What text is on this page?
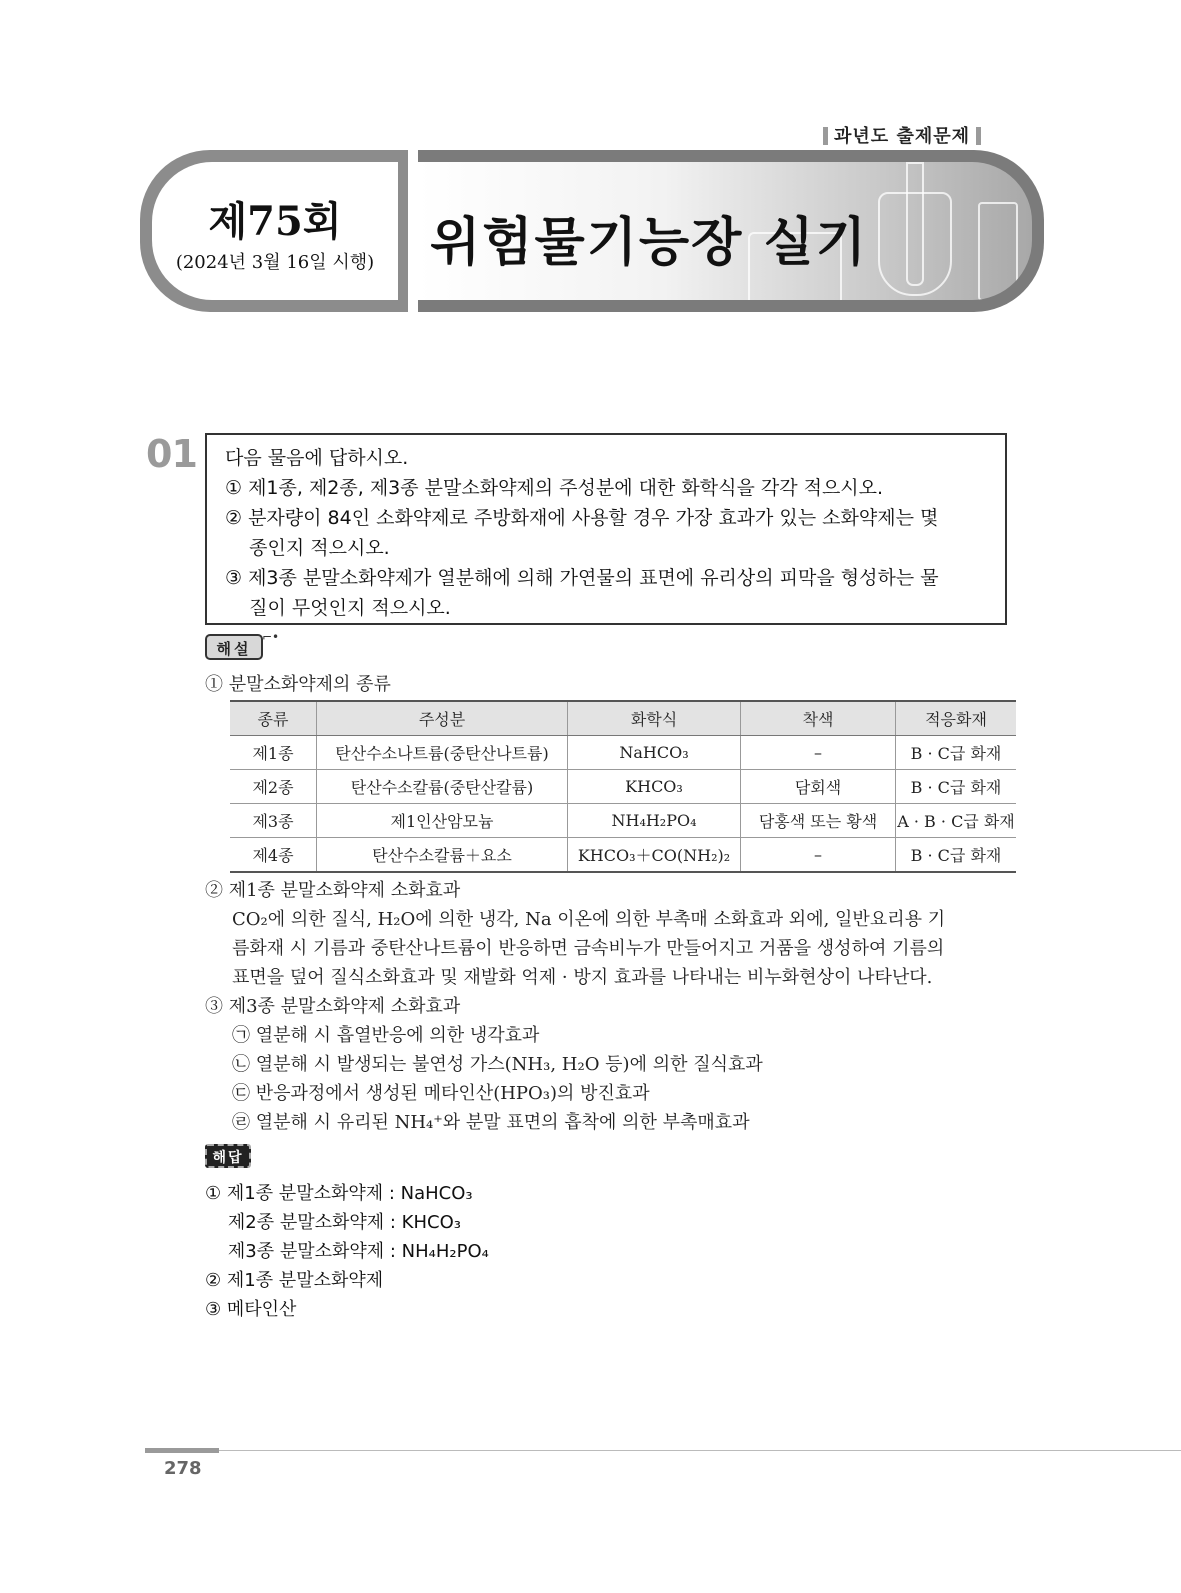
과년도 출제문제
제75회
(2024년 3월 16일 시행)	위험물기능장 실기
01 다음 물음에 답하시오.
① 제1종, 제2종, 제3종 분말소화약제의 주성분에 대한 화학식을 각각 적으시오.
② 분자량이 84인 소화약제로 주방화재에 사용할 경우 가장 효과가 있는 소화약제는 몇
종인지 적으시오.
③ 제3종 분말소화약제가 열분해에 의해 가연물의 표면에 유리상의 피막을 형성하는 물
질이 무엇인지 적으시오.
해설
⌐•
① 분말소화약제의 종류
종류	주성분	화학식	착색	적응화재
제1종	탄산수소나트륨(중탄산나트륨)	NaHCO₃	–	B · C급 화재
제2종	탄산수소칼륨(중탄산칼륨)	KHCO₃	담회색	B · C급 화재
제3종	제1인산암모늄	NH₄H₂PO₄	담홍색 또는 황색	A · B · C급 화재
제4종	탄산수소칼륨＋요소	KHCO₃＋CO(NH₂)₂	–	B · C급 화재
② 제1종 분말소화약제 소화효과
CO₂에 의한 질식, H₂O에 의한 냉각, Na 이온에 의한 부촉매 소화효과 외에, 일반요리용 기
름화재 시 기름과 중탄산나트륨이 반응하면 금속비누가 만들어지고 거품을 생성하여 기름의
표면을 덮어 질식소화효과 및 재발화 억제 · 방지 효과를 나타내는 비누화현상이 나타난다.
③ 제3종 분말소화약제 소화효과
㉠ 열분해 시 흡열반응에 의한 냉각효과
㉡ 열분해 시 발생되는 불연성 가스(NH₃, H₂O 등)에 의한 질식효과
㉢ 반응과정에서 생성된 메타인산(HPO₃)의 방진효과
㉣ 열분해 시 유리된 NH₄⁺와 분말 표면의 흡착에 의한 부촉매효과
해답
① 제1종 분말소화약제 : NaHCO₃
제2종 분말소화약제 : KHCO₃
제3종 분말소화약제 : NH₄H₂PO₄
② 제1종 분말소화약제
③ 메타인산
278
